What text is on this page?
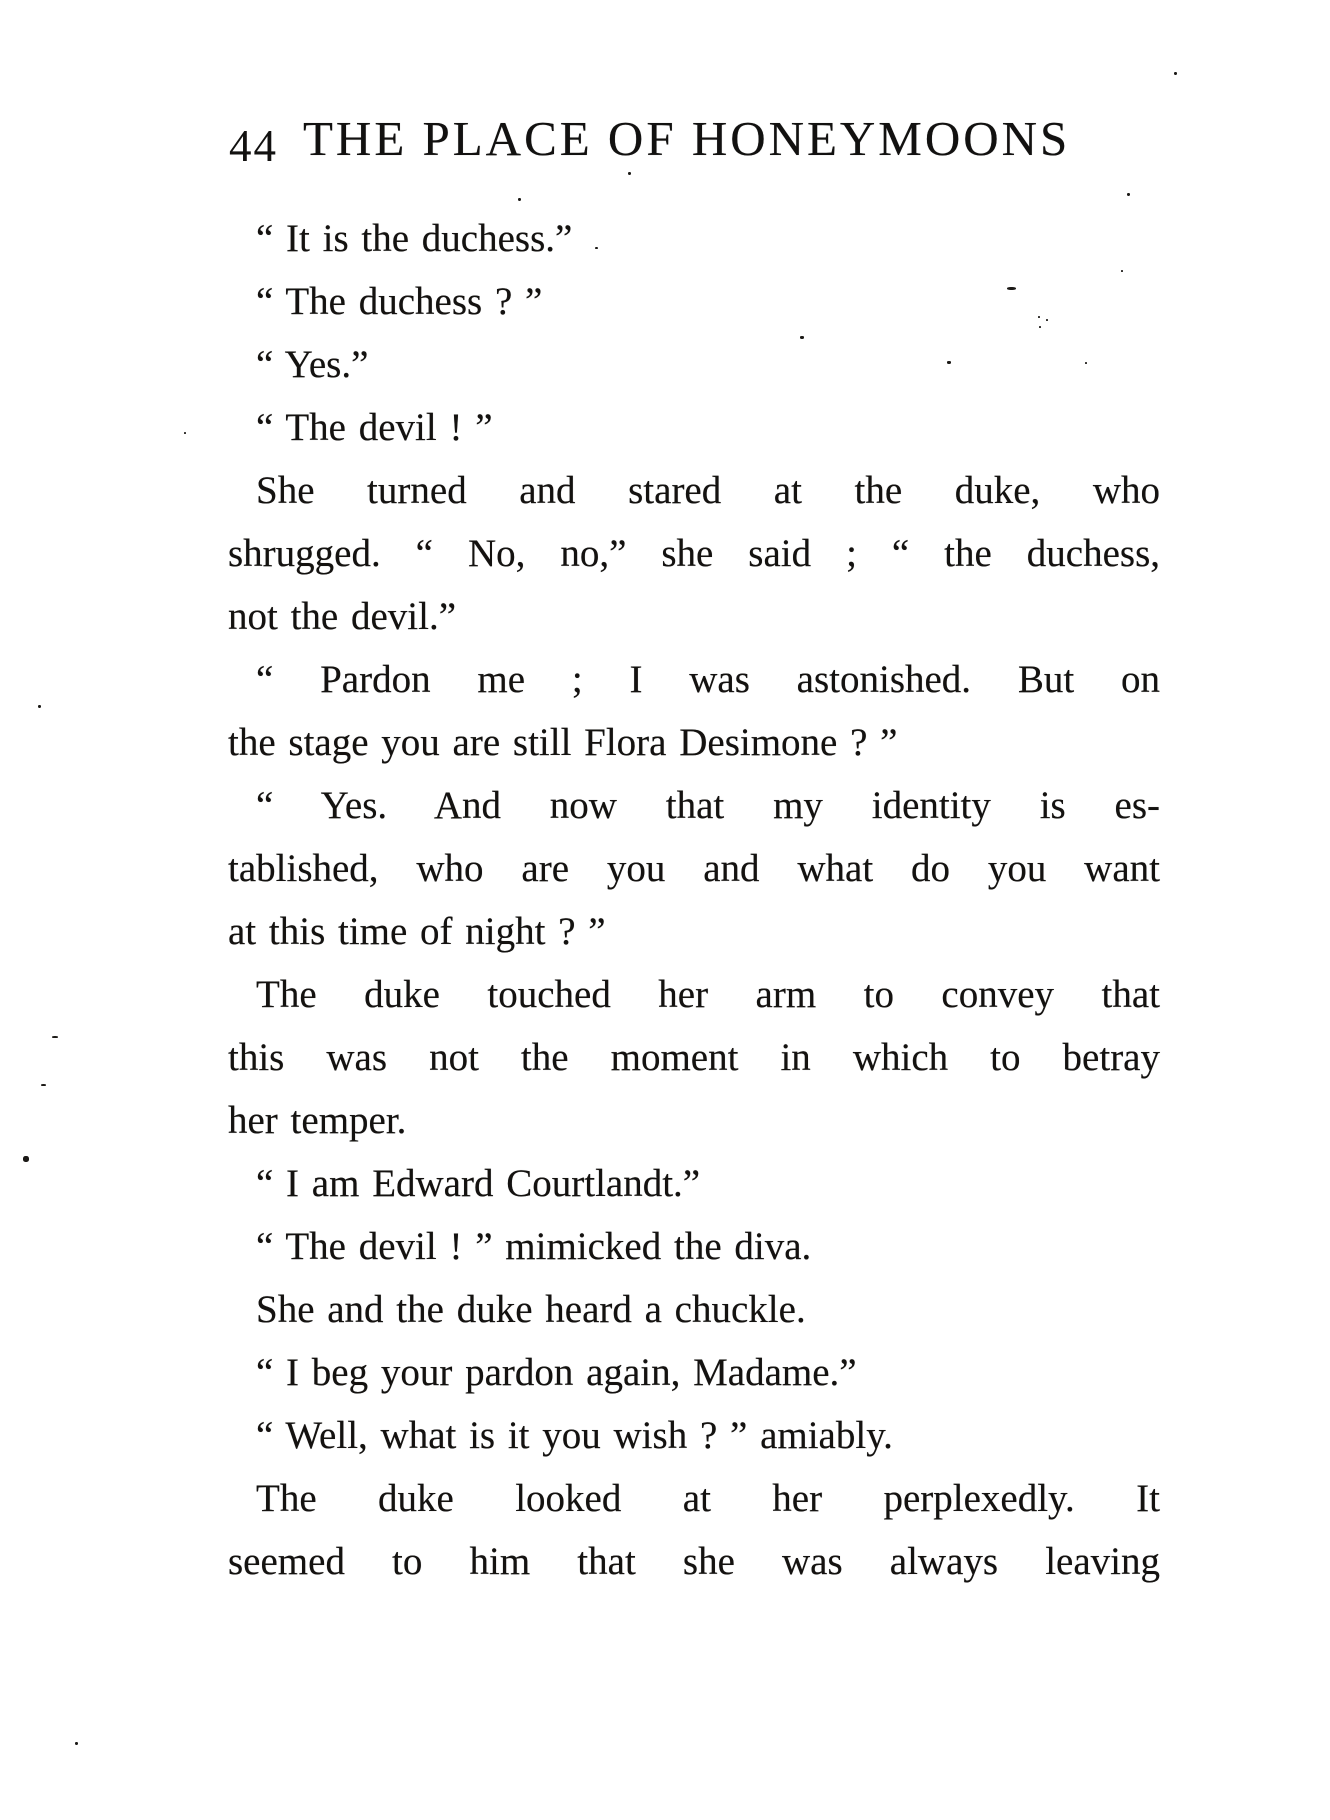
44 THE PLACE OF HONEYMOONS
“ It is the duchess.”
“ The duchess ? ”
“ Yes.”
“ The devil ! ”
She turned and stared at the duke, who
shrugged. “ No, no,” she said ; “ the duchess,
not the devil.”
“ Pardon me ; I was astonished. But on
the stage you are still Flora Desimone ? ”
“ Yes. And now that my identity is es-
tablished, who are you and what do you want
at this time of night ? ”
The duke touched her arm to convey that
this was not the moment in which to betray
her temper.
“ I am Edward Courtlandt.”
“ The devil ! ” mimicked the diva.
She and the duke heard a chuckle.
“ I beg your pardon again, Madame.”
“ Well, what is it you wish ? ” amiably.
The duke looked at her perplexedly. It
seemed to him that she was always leaving
